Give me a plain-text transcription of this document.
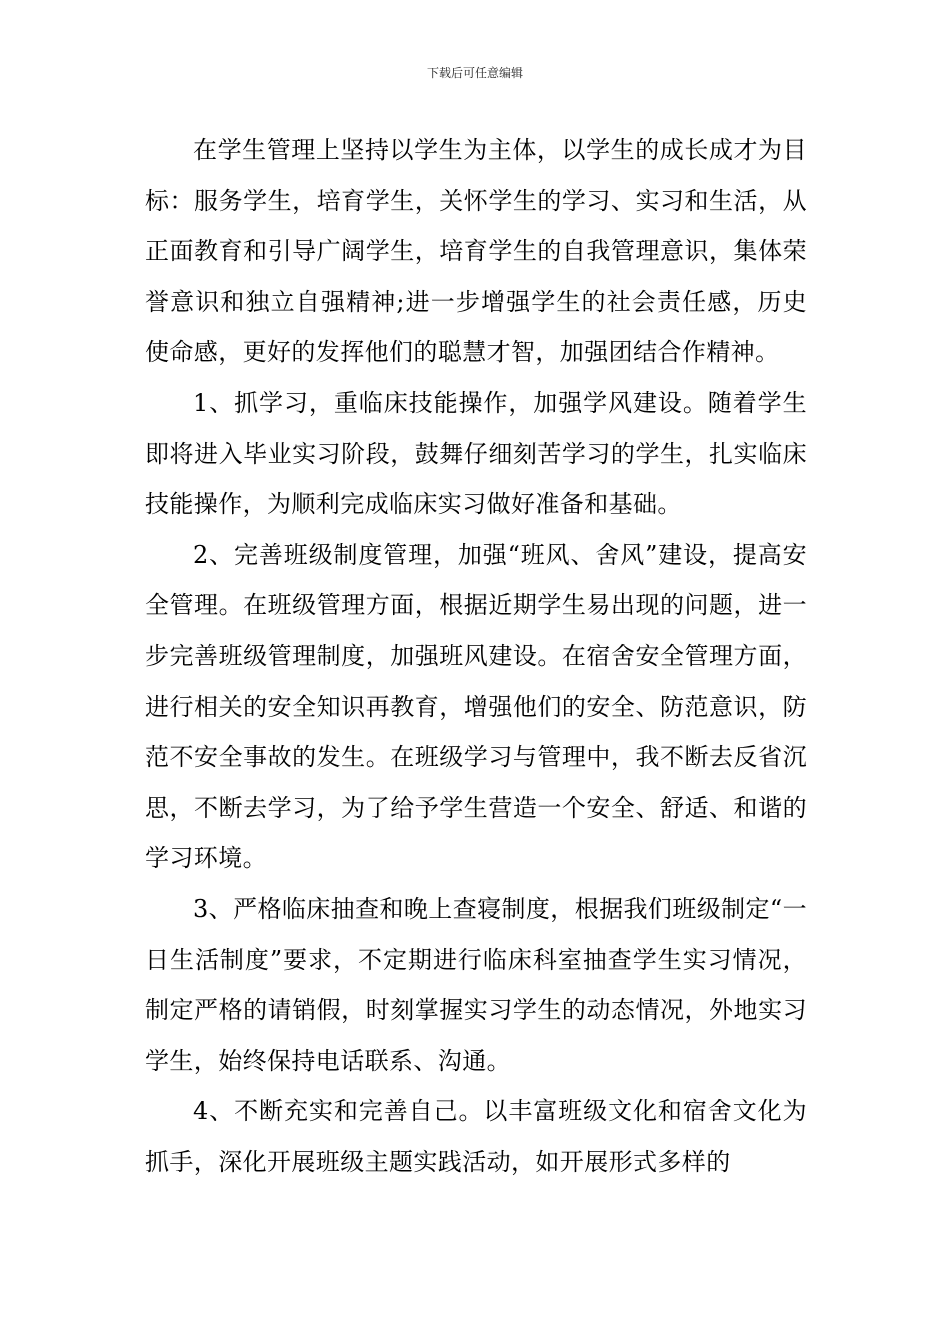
下载后可任意编辑

在学生管理上坚持以学生为主体，以学生的成长成才为目标：服务学生，培育学生，关怀学生的学习、实习和生活，从正面教育和引导广阔学生，培育学生的自我管理意识，集体荣誉意识和独立自强精神;进一步增强学生的社会责任感，历史使命感，更好的发挥他们的聪慧才智，加强团结合作精神。

1、抓学习，重临床技能操作，加强学风建设。随着学生即将进入毕业实习阶段，鼓舞仔细刻苦学习的学生，扎实临床技能操作，为顺利完成临床实习做好准备和基础。

2、完善班级制度管理，加强“班风、舍风”建设，提高安全管理。在班级管理方面，根据近期学生易出现的问题，进一步完善班级管理制度，加强班风建设。在宿舍安全管理方面，进行相关的安全知识再教育，增强他们的安全、防范意识，防范不安全事故的发生。在班级学习与管理中，我不断去反省沉思，不断去学习，为了给予学生营造一个安全、舒适、和谐的学习环境。

3、严格临床抽查和晚上查寝制度，根据我们班级制定“一日生活制度”要求，不定期进行临床科室抽查学生实习情况，制定严格的请销假，时刻掌握实习学生的动态情况，外地实习学生，始终保持电话联系、沟通。

4、不断充实和完善自己。以丰富班级文化和宿舍文化为抓手，深化开展班级主题实践活动，如开展形式多样的
